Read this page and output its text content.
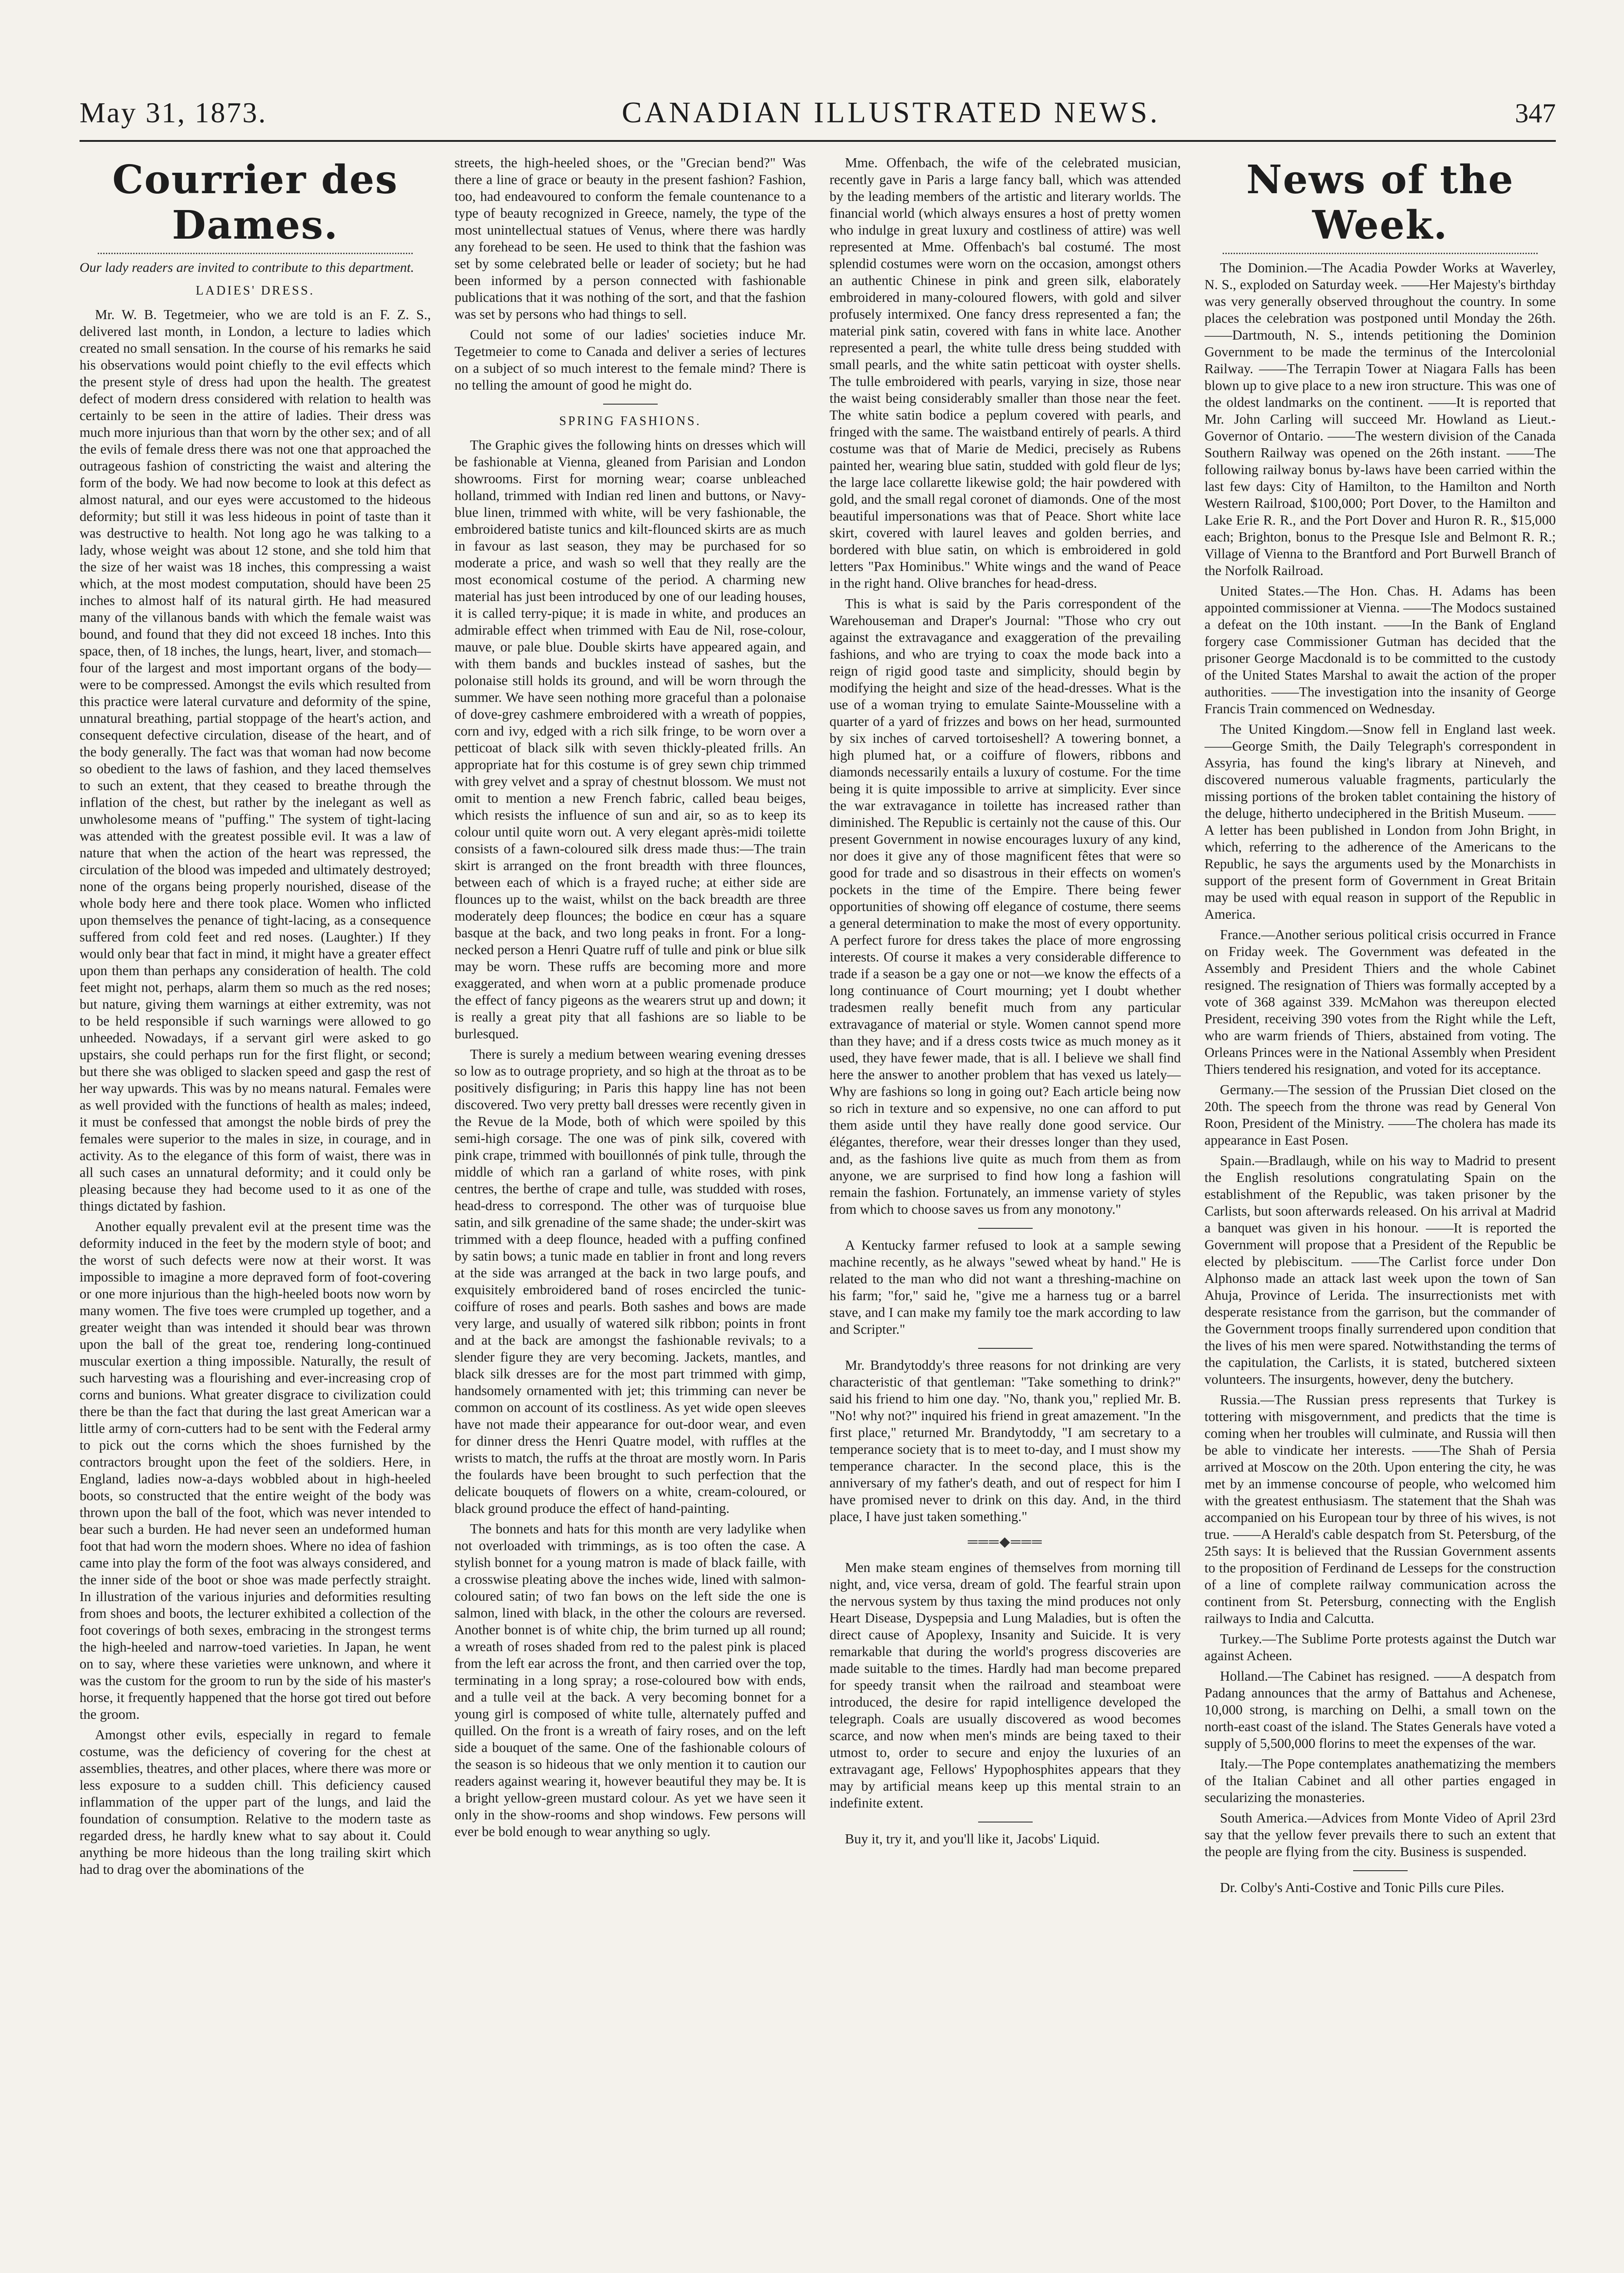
May 31, 1873.	CANADIAN ILLUSTRATED NEWS.	347
Courrier des Dames.
Our lady readers are invited to contribute to this department.
LADIES' DRESS.

Mr. W. B. Tegetmeier, who we are told is an F. Z. S., delivered last month, in London, a lecture to ladies which created no small sensation. In the course of his remarks he said his observations would point chiefly to the evil effects which the present style of dress had upon the health. The greatest defect of modern dress considered with relation to health was certainly to be seen in the attire of ladies. Their dress was much more injurious than that worn by the other sex; and of all the evils of female dress there was not one that approached the outrageous fashion of constricting the waist and altering the form of the body. We had now become to look at this defect as almost natural, and our eyes were accustomed to the hideous deformity; but still it was less hideous in point of taste than it was destructive to health. Not long ago he was talking to a lady, whose weight was about 12 stone, and she told him that the size of her waist was 18 inches, this compressing a waist which, at the most modest computation, should have been 25 inches to almost half of its natural girth. He had measured many of the villanous bands with which the female waist was bound, and found that they did not exceed 18 inches. Into this space, then, of 18 inches, the lungs, heart, liver, and stomach—four of the largest and most important organs of the body—were to be compressed. Amongst the evils which resulted from this practice were lateral curvature and deformity of the spine, unnatural breathing, partial stoppage of the heart's action, and consequent defective circulation, disease of the heart, and of the body generally. The fact was that woman had now become so obedient to the laws of fashion, and they laced themselves to such an extent, that they ceased to breathe through the inflation of the chest, but rather by the inelegant as well as unwholesome means of "puffing." The system of tight-lacing was attended with the greatest possible evil. It was a law of nature that when the action of the heart was repressed, the circulation of the blood was impeded and ultimately destroyed; none of the organs being properly nourished, disease of the whole body here and there took place. Women who inflicted upon themselves the penance of tight-lacing, as a consequence suffered from cold feet and red noses. (Laughter.) If they would only bear that fact in mind, it might have a greater effect upon them than perhaps any consideration of health. The cold feet might not, perhaps, alarm them so much as the red noses; but nature, giving them warnings at either extremity, was not to be held responsible if such warnings were allowed to go unheeded. Nowadays, if a servant girl were asked to go upstairs, she could perhaps run for the first flight, or second; but there she was obliged to slacken speed and gasp the rest of her way upwards. This was by no means natural. Females were as well provided with the functions of health as males; indeed, it must be confessed that amongst the noble birds of prey the females were superior to the males in size, in courage, and in activity. As to the elegance of this form of waist, there was in all such cases an unnatural deformity; and it could only be pleasing because they had become used to it as one of the things dictated by fashion.

Another equally prevalent evil at the present time was the deformity induced in the feet by the modern style of boot; and the worst of such defects were now at their worst. It was impossible to imagine a more depraved form of foot-covering or one more injurious than the high-heeled boots now worn by many women. The five toes were crumpled up together, and a greater weight than was intended it should bear was thrown upon the ball of the great toe, rendering long-continued muscular exertion a thing impossible. Naturally, the result of such harvesting was a flourishing and ever-increasing crop of corns and bunions. What greater disgrace to civilization could there be than the fact that during the last great American war a little army of corn-cutters had to be sent with the Federal army to pick out the corns which the shoes furnished by the contractors brought upon the feet of the soldiers. Here, in England, ladies now-a-days wobbled about in high-heeled boots, so constructed that the entire weight of the body was thrown upon the ball of the foot, which was never intended to bear such a burden. He had never seen an undeformed human foot that had worn the modern shoes. Where no idea of fashion came into play the form of the foot was always considered, and the inner side of the boot or shoe was made perfectly straight. In illustration of the various injuries and deformities resulting from shoes and boots, the lecturer exhibited a collection of the foot coverings of both sexes, embracing in the strongest terms the high-heeled and narrow-toed varieties. In Japan, he went on to say, where these varieties were unknown, and where it was the custom for the groom to run by the side of his master's horse, it frequently happened that the horse got tired out before the groom.

Amongst other evils, especially in regard to female costume, was the deficiency of covering for the chest at assemblies, theatres, and other places, where there was more or less exposure to a sudden chill. This deficiency caused inflammation of the upper part of the lungs, and laid the foundation of consumption. Relative to the modern taste as regarded dress, he hardly knew what to say about it. Could anything be more hideous than the long trailing skirt which had to drag over the abominations of the

streets, the high-heeled shoes, or the "Grecian bend?" Was there a line of grace or beauty in the present fashion? Fashion, too, had endeavoured to conform the female countenance to a type of beauty recognized in Greece, namely, the type of the most unintellectual statues of Venus, where there was hardly any forehead to be seen. He used to think that the fashion was set by some celebrated belle or leader of society; but he had been informed by a person connected with fashionable publications that it was nothing of the sort, and that the fashion was set by persons who had things to sell.

Could not some of our ladies' societies induce Mr. Tegetmeier to come to Canada and deliver a series of lectures on a subject of so much interest to the female mind? There is no telling the amount of good he might do.

SPRING FASHIONS.

The Graphic gives the following hints on dresses which will be fashionable at Vienna, gleaned from Parisian and London showrooms. First for morning wear; coarse unbleached holland, trimmed with Indian red linen and buttons, or Navy-blue linen, trimmed with white, will be very fashionable, the embroidered batiste tunics and kilt-flounced skirts are as much in favour as last season, they may be purchased for so moderate a price, and wash so well that they really are the most economical costume of the period. A charming new material has just been introduced by one of our leading houses, it is called terry-pique; it is made in white, and produces an admirable effect when trimmed with Eau de Nil, rose-colour, mauve, or pale blue. Double skirts have appeared again, and with them bands and buckles instead of sashes, but the polonaise still holds its ground, and will be worn through the summer. We have seen nothing more graceful than a polonaise of dove-grey cashmere embroidered with a wreath of poppies, corn and ivy, edged with a rich silk fringe, to be worn over a petticoat of black silk with seven thickly-pleated frills. An appropriate hat for this costume is of grey sewn chip trimmed with grey velvet and a spray of chestnut blossom. We must not omit to mention a new French fabric, called beau beiges, which resists the influence of sun and air, so as to keep its colour until quite worn out. A very elegant après-midi toilette consists of a fawn-coloured silk dress made thus:—The train skirt is arranged on the front breadth with three flounces, between each of which is a frayed ruche; at either side are flounces up to the waist, whilst on the back breadth are three moderately deep flounces; the bodice en cœur has a square basque at the back, and two long peaks in front. For a long-necked person a Henri Quatre ruff of tulle and pink or blue silk may be worn. These ruffs are becoming more and more exaggerated, and when worn at a public promenade produce the effect of fancy pigeons as the wearers strut up and down; it is really a great pity that all fashions are so liable to be burlesqued.

There is surely a medium between wearing evening dresses so low as to outrage propriety, and so high at the throat as to be positively disfiguring; in Paris this happy line has not been discovered. Two very pretty ball dresses were recently given in the Revue de la Mode, both of which were spoiled by this semi-high corsage. The one was of pink silk, covered with pink crape, trimmed with bouillonnés of pink tulle, through the middle of which ran a garland of white roses, with pink centres, the berthe of crape and tulle, was studded with roses, head-dress to correspond. The other was of turquoise blue satin, and silk grenadine of the same shade; the under-skirt was trimmed with a deep flounce, headed with a puffing confined by satin bows; a tunic made en tablier in front and long revers at the side was arranged at the back in two large poufs, and exquisitely embroidered band of roses encircled the tunic-coiffure of roses and pearls. Both sashes and bows are made very large, and usually of watered silk ribbon; points in front and at the back are amongst the fashionable revivals; to a slender figure they are very becoming. Jackets, mantles, and black silk dresses are for the most part trimmed with gimp, handsomely ornamented with jet; this trimming can never be common on account of its costliness. As yet wide open sleeves have not made their appearance for out-door wear, and even for dinner dress the Henri Quatre model, with ruffles at the wrists to match, the ruffs at the throat are mostly worn. In Paris the foulards have been brought to such perfection that the delicate bouquets of flowers on a white, cream-coloured, or black ground produce the effect of hand-painting.

The bonnets and hats for this month are very ladylike when not overloaded with trimmings, as is too often the case. A stylish bonnet for a young matron is made of black faille, with a crosswise pleating above the inches wide, lined with salmon-coloured satin; of two fan bows on the left side the one is salmon, lined with black, in the other the colours are reversed. Another bonnet is of white chip, the brim turned up all round; a wreath of roses shaded from red to the palest pink is placed from the left ear across the front, and then carried over the top, terminating in a long spray; a rose-coloured bow with ends, and a tulle veil at the back. A very becoming bonnet for a young girl is composed of white tulle, alternately puffed and quilled. On the front is a wreath of fairy roses, and on the left side a bouquet of the same. One of the fashionable colours of the season is so hideous that we only mention it to caution our readers against wearing it, however beautiful they may be. It is a bright yellow-green mustard colour. As yet we have seen it only in the show-rooms and shop windows. Few persons will ever be bold enough to wear anything so ugly.

Mme. Offenbach, the wife of the celebrated musician, recently gave in Paris a large fancy ball, which was attended by the leading members of the artistic and literary worlds. The financial world (which always ensures a host of pretty women who indulge in great luxury and costliness of attire) was well represented at Mme. Offenbach's bal costumé. The most splendid costumes were worn on the occasion, amongst others an authentic Chinese in pink and green silk, elaborately embroidered in many-coloured flowers, with gold and silver profusely intermixed. One fancy dress represented a fan; the material pink satin, covered with fans in white lace. Another represented a pearl, the white tulle dress being studded with small pearls, and the white satin petticoat with oyster shells. The tulle embroidered with pearls, varying in size, those near the waist being considerably smaller than those near the feet. The white satin bodice a peplum covered with pearls, and fringed with the same. The waistband entirely of pearls. A third costume was that of Marie de Medici, precisely as Rubens painted her, wearing blue satin, studded with gold fleur de lys; the large lace collarette likewise gold; the hair powdered with gold, and the small regal coronet of diamonds. One of the most beautiful impersonations was that of Peace. Short white lace skirt, covered with laurel leaves and golden berries, and bordered with blue satin, on which is embroidered in gold letters "Pax Hominibus." White wings and the wand of Peace in the right hand. Olive branches for head-dress.

This is what is said by the Paris correspondent of the Warehouseman and Draper's Journal: "Those who cry out against the extravagance and exaggeration of the prevailing fashions, and who are trying to coax the mode back into a reign of rigid good taste and simplicity, should begin by modifying the height and size of the head-dresses. What is the use of a woman trying to emulate Sainte-Mousseline with a quarter of a yard of frizzes and bows on her head, surmounted by six inches of carved tortoiseshell? A towering bonnet, a high plumed hat, or a coiffure of flowers, ribbons and diamonds necessarily entails a luxury of costume. For the time being it is quite impossible to arrive at simplicity. Ever since the war extravagance in toilette has increased rather than diminished. The Republic is certainly not the cause of this. Our present Government in nowise encourages luxury of any kind, nor does it give any of those magnificent fêtes that were so good for trade and so disastrous in their effects on women's pockets in the time of the Empire. There being fewer opportunities of showing off elegance of costume, there seems a general determination to make the most of every opportunity. A perfect furore for dress takes the place of more engrossing interests. Of course it makes a very considerable difference to trade if a season be a gay one or not—we know the effects of a long continuance of Court mourning; yet I doubt whether tradesmen really benefit much from any particular extravagance of material or style. Women cannot spend more than they have; and if a dress costs twice as much money as it used, they have fewer made, that is all. I believe we shall find here the answer to another problem that has vexed us lately—Why are fashions so long in going out? Each article being now so rich in texture and so expensive, no one can afford to put them aside until they have really done good service. Our élégantes, therefore, wear their dresses longer than they used, and, as the fashions live quite as much from them as from anyone, we are surprised to find how long a fashion will remain the fashion. Fortunately, an immense variety of styles from which to choose saves us from any monotony."

A Kentucky farmer refused to look at a sample sewing machine recently, as he always "sewed wheat by hand." He is related to the man who did not want a threshing-machine on his farm; "for," said he, "give me a harness tug or a barrel stave, and I can make my family toe the mark according to law and Scripter."

Mr. Brandytoddy's three reasons for not drinking are very characteristic of that gentleman: "Take something to drink?" said his friend to him one day. "No, thank you," replied Mr. B. "No! why not?" inquired his friend in great amazement. "In the first place," returned Mr. Brandytoddy, "I am secretary to a temperance society that is to meet to-day, and I must show my temperance character. In the second place, this is the anniversary of my father's death, and out of respect for him I have promised never to drink on this day. And, in the third place, I have just taken something."

═══◆═══

Men make steam engines of themselves from morning till night, and, vice versa, dream of gold. The fearful strain upon the nervous system by thus taxing the mind produces not only Heart Disease, Dyspepsia and Lung Maladies, but is often the direct cause of Apoplexy, Insanity and Suicide. It is very remarkable that during the world's progress discoveries are made suitable to the times. Hardly had man become prepared for speedy transit when the railroad and steamboat were introduced, the desire for rapid intelligence developed the telegraph. Coals are usually discovered as wood becomes scarce, and now when men's minds are being taxed to their utmost to, order to secure and enjoy the luxuries of an extravagant age, Fellows' Hypophosphites appears that they may by artificial means keep up this mental strain to an indefinite extent.

Buy it, try it, and you'll like it, Jacobs' Liquid.

News of the Week.

The Dominion.—The Acadia Powder Works at Waverley, N. S., exploded on Saturday week. ——Her Majesty's birthday was very generally observed throughout the country. In some places the celebration was postponed until Monday the 26th. ——Dartmouth, N. S., intends petitioning the Dominion Government to be made the terminus of the Intercolonial Railway. ——The Terrapin Tower at Niagara Falls has been blown up to give place to a new iron structure. This was one of the oldest landmarks on the continent. ——It is reported that Mr. John Carling will succeed Mr. Howland as Lieut.-Governor of Ontario. ——The western division of the Canada Southern Railway was opened on the 26th instant. ——The following railway bonus by-laws have been carried within the last few days: City of Hamilton, to the Hamilton and North Western Railroad, $100,000; Port Dover, to the Hamilton and Lake Erie R. R., and the Port Dover and Huron R. R., $15,000 each; Brighton, bonus to the Presque Isle and Belmont R. R.; Village of Vienna to the Brantford and Port Burwell Branch of the Norfolk Railroad.

United States.—The Hon. Chas. H. Adams has been appointed commissioner at Vienna. ——The Modocs sustained a defeat on the 10th instant. ——In the Bank of England forgery case Commissioner Gutman has decided that the prisoner George Macdonald is to be committed to the custody of the United States Marshal to await the action of the proper authorities. ——The investigation into the insanity of George Francis Train commenced on Wednesday.

The United Kingdom.—Snow fell in England last week. ——George Smith, the Daily Telegraph's correspondent in Assyria, has found the king's library at Nineveh, and discovered numerous valuable fragments, particularly the missing portions of the broken tablet containing the history of the deluge, hitherto undeciphered in the British Museum. ——A letter has been published in London from John Bright, in which, referring to the adherence of the Americans to the Republic, he says the arguments used by the Monarchists in support of the present form of Government in Great Britain may be used with equal reason in support of the Republic in America.

France.—Another serious political crisis occurred in France on Friday week. The Government was defeated in the Assembly and President Thiers and the whole Cabinet resigned. The resignation of Thiers was formally accepted by a vote of 368 against 339. McMahon was thereupon elected President, receiving 390 votes from the Right while the Left, who are warm friends of Thiers, abstained from voting. The Orleans Princes were in the National Assembly when President Thiers tendered his resignation, and voted for its acceptance.

Germany.—The session of the Prussian Diet closed on the 20th. The speech from the throne was read by General Von Roon, President of the Ministry. ——The cholera has made its appearance in East Posen.

Spain.—Bradlaugh, while on his way to Madrid to present the English resolutions congratulating Spain on the establishment of the Republic, was taken prisoner by the Carlists, but soon afterwards released. On his arrival at Madrid a banquet was given in his honour. ——It is reported the Government will propose that a President of the Republic be elected by plebiscitum. ——The Carlist force under Don Alphonso made an attack last week upon the town of San Ahuja, Province of Lerida. The insurrectionists met with desperate resistance from the garrison, but the commander of the Government troops finally surrendered upon condition that the lives of his men were spared. Notwithstanding the terms of the capitulation, the Carlists, it is stated, butchered sixteen volunteers. The insurgents, however, deny the butchery.

Russia.—The Russian press represents that Turkey is tottering with misgovernment, and predicts that the time is coming when her troubles will culminate, and Russia will then be able to vindicate her interests. ——The Shah of Persia arrived at Moscow on the 20th. Upon entering the city, he was met by an immense concourse of people, who welcomed him with the greatest enthusiasm. The statement that the Shah was accompanied on his European tour by three of his wives, is not true. ——A Herald's cable despatch from St. Petersburg, of the 25th says: It is believed that the Russian Government assents to the proposition of Ferdinand de Lesseps for the construction of a line of complete railway communication across the continent from St. Petersburg, connecting with the English railways to India and Calcutta.

Turkey.—The Sublime Porte protests against the Dutch war against Acheen.

Holland.—The Cabinet has resigned. ——A despatch from Padang announces that the army of Battahus and Achenese, 10,000 strong, is marching on Delhi, a small town on the north-east coast of the island. The States Generals have voted a supply of 5,500,000 florins to meet the expenses of the war.

Italy.—The Pope contemplates anathematizing the members of the Italian Cabinet and all other parties engaged in secularizing the monasteries.

South America.—Advices from Monte Video of April 23rd say that the yellow fever prevails there to such an extent that the people are flying from the city. Business is suspended.

Dr. Colby's Anti-Costive and Tonic Pills cure Piles.
